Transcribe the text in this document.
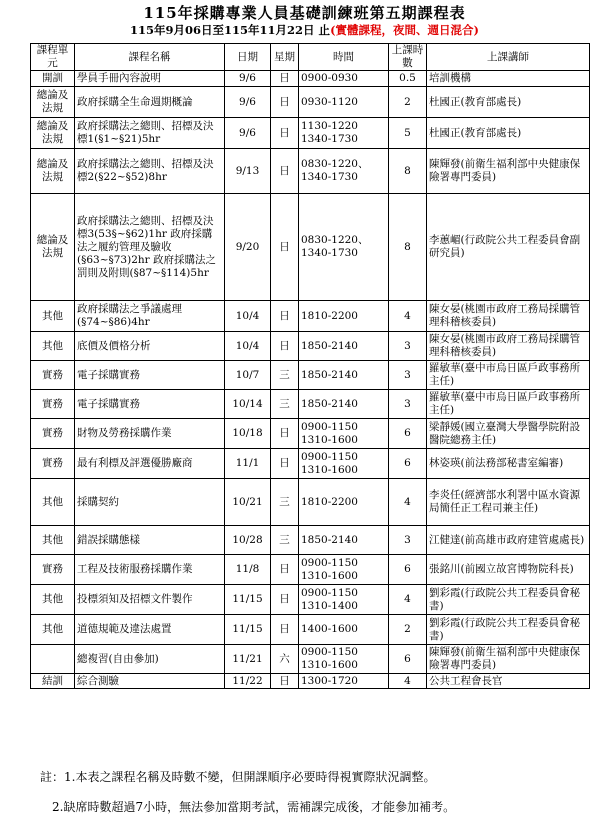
115年採購專業人員基礎訓練班第五期課程表
115年9月06日至115年11月22日 止(實體課程，夜間、週日混合)
課程單元	課程名稱	日期	星期	時間	上課時數	上課講師
開訓	學員手冊內容說明	9/6	日	0900-0930	0.5	培訓機構
總論及法規	政府採購全生命週期概論	9/6	日	0930-1120	2	杜國正(教育部處長)
總論及法規	政府採購法之總則、招標及決標1(§1~§21)5hr	9/6	日	1130-1220 1340-1730	5	杜國正(教育部處長)
總論及法規	政府採購法之總則、招標及決標2(§22~§52)8hr	9/13	日	0830-1220、1340-1730	8	陳輝發(前衛生福利部中央健康保險署專門委員)
總論及法規	政府採購法之總則、招標及決標3(53§~§62)1hr 政府採購法之履約管理及驗收(§63~§73)2hr 政府採購法之罰則及附則(§87~§114)5hr	9/20	日	0830-1220、1340-1730	8	李蕙嵋(行政院公共工程委員會副研究員)
其他	政府採購法之爭議處理(§74~§86)4hr	10/4	日	1810-2200	4	陳女晏(桃園市政府工務局採購管理科稽核委員)
其他	底價及價格分析	10/4	日	1850-2140	3	陳女晏(桃園市政府工務局採購管理科稽核委員)
實務	電子採購實務	10/7	三	1850-2140	3	羅敏華(臺中市烏日區戶政事務所主任)
實務	電子採購實務	10/14	三	1850-2140	3	羅敏華(臺中市烏日區戶政事務所主任)
實務	財物及勞務採購作業	10/18	日	0900-1150 1310-1600	6	梁靜媛(國立臺灣大學醫學院附設醫院總務主任)
實務	最有利標及評選優勝廠商	11/1	日	0900-1150 1310-1600	6	林姿瑛(前法務部秘書室編審)
其他	採購契約	10/21	三	1810-2200	4	李炎任(經濟部水利署中區水資源局簡任正工程司兼主任)
其他	錯誤採購態樣	10/28	三	1850-2140	3	江健達(前高雄市政府建管處處長)
實務	工程及技術服務採購作業	11/8	日	0900-1150 1310-1600	6	張銘川(前國立故宮博物院科長)
其他	投標須知及招標文件製作	11/15	日	0900-1150 1310-1400	4	劉彩霞(行政院公共工程委員會秘書)
其他	道德規範及違法處置	11/15	日	1400-1600	2	劉彩霞(行政院公共工程委員會秘書)
	總複習(自由參加)	11/21	六	0900-1150 1310-1600	6	陳輝發(前衛生福利部中央健康保險署專門委員)
結訓	綜合測驗	11/22	日	1300-1720	4	公共工程會長官
註：1.本表之課程名稱及時數不變，但開課順序必要時得視實際狀況調整。
2.缺席時數超過7小時，無法參加當期考試，需補課完成後，才能參加補考。
